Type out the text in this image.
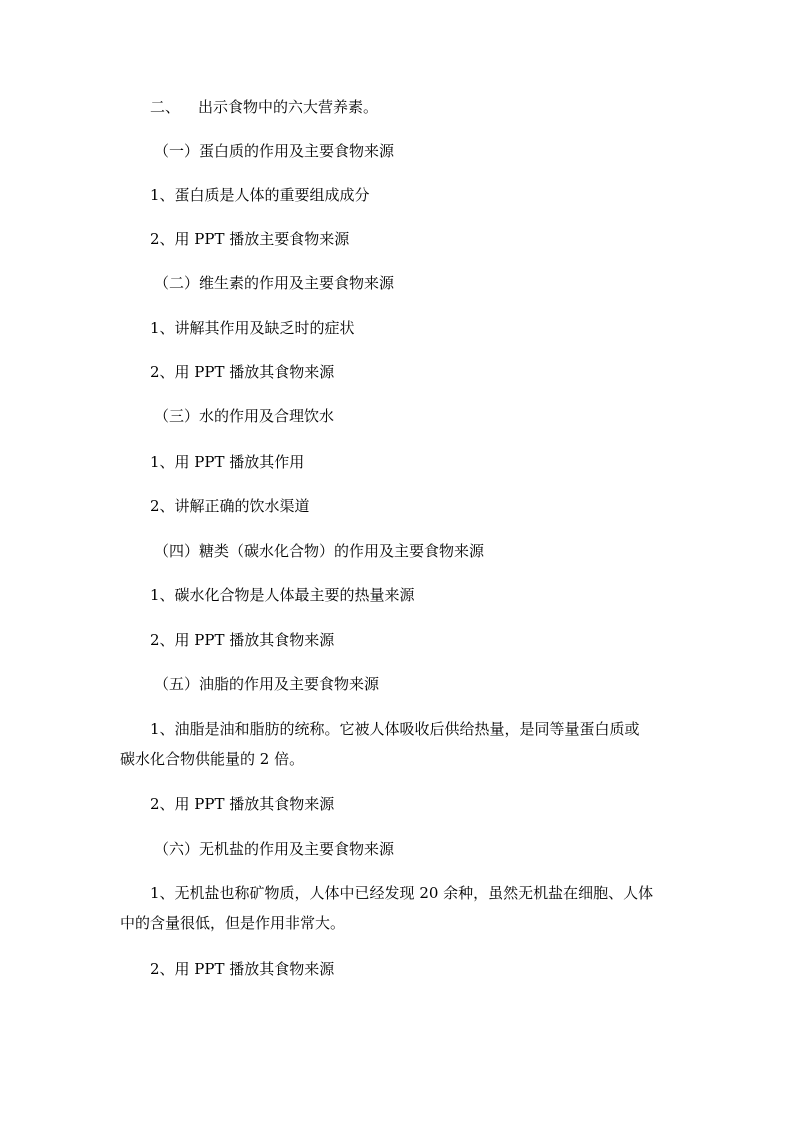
二、 出示食物中的六大营养素。
（一）蛋白质的作用及主要食物来源
1、蛋白质是人体的重要组成成分
2、用 PPT 播放主要食物来源
（二）维生素的作用及主要食物来源
1、讲解其作用及缺乏时的症状
2、用 PPT 播放其食物来源
（三）水的作用及合理饮水
1、用 PPT 播放其作用
2、讲解正确的饮水渠道
（四）糖类（碳水化合物）的作用及主要食物来源
1、碳水化合物是人体最主要的热量来源
2、用 PPT 播放其食物来源
（五）油脂的作用及主要食物来源
1、油脂是油和脂肪的统称。它被人体吸收后供给热量，是同等量蛋白质或
碳水化合物供能量的 2 倍。
2、用 PPT 播放其食物来源
（六）无机盐的作用及主要食物来源
1、无机盐也称矿物质，人体中已经发现 20 余种，虽然无机盐在细胞、人体
中的含量很低，但是作用非常大。
2、用 PPT 播放其食物来源
